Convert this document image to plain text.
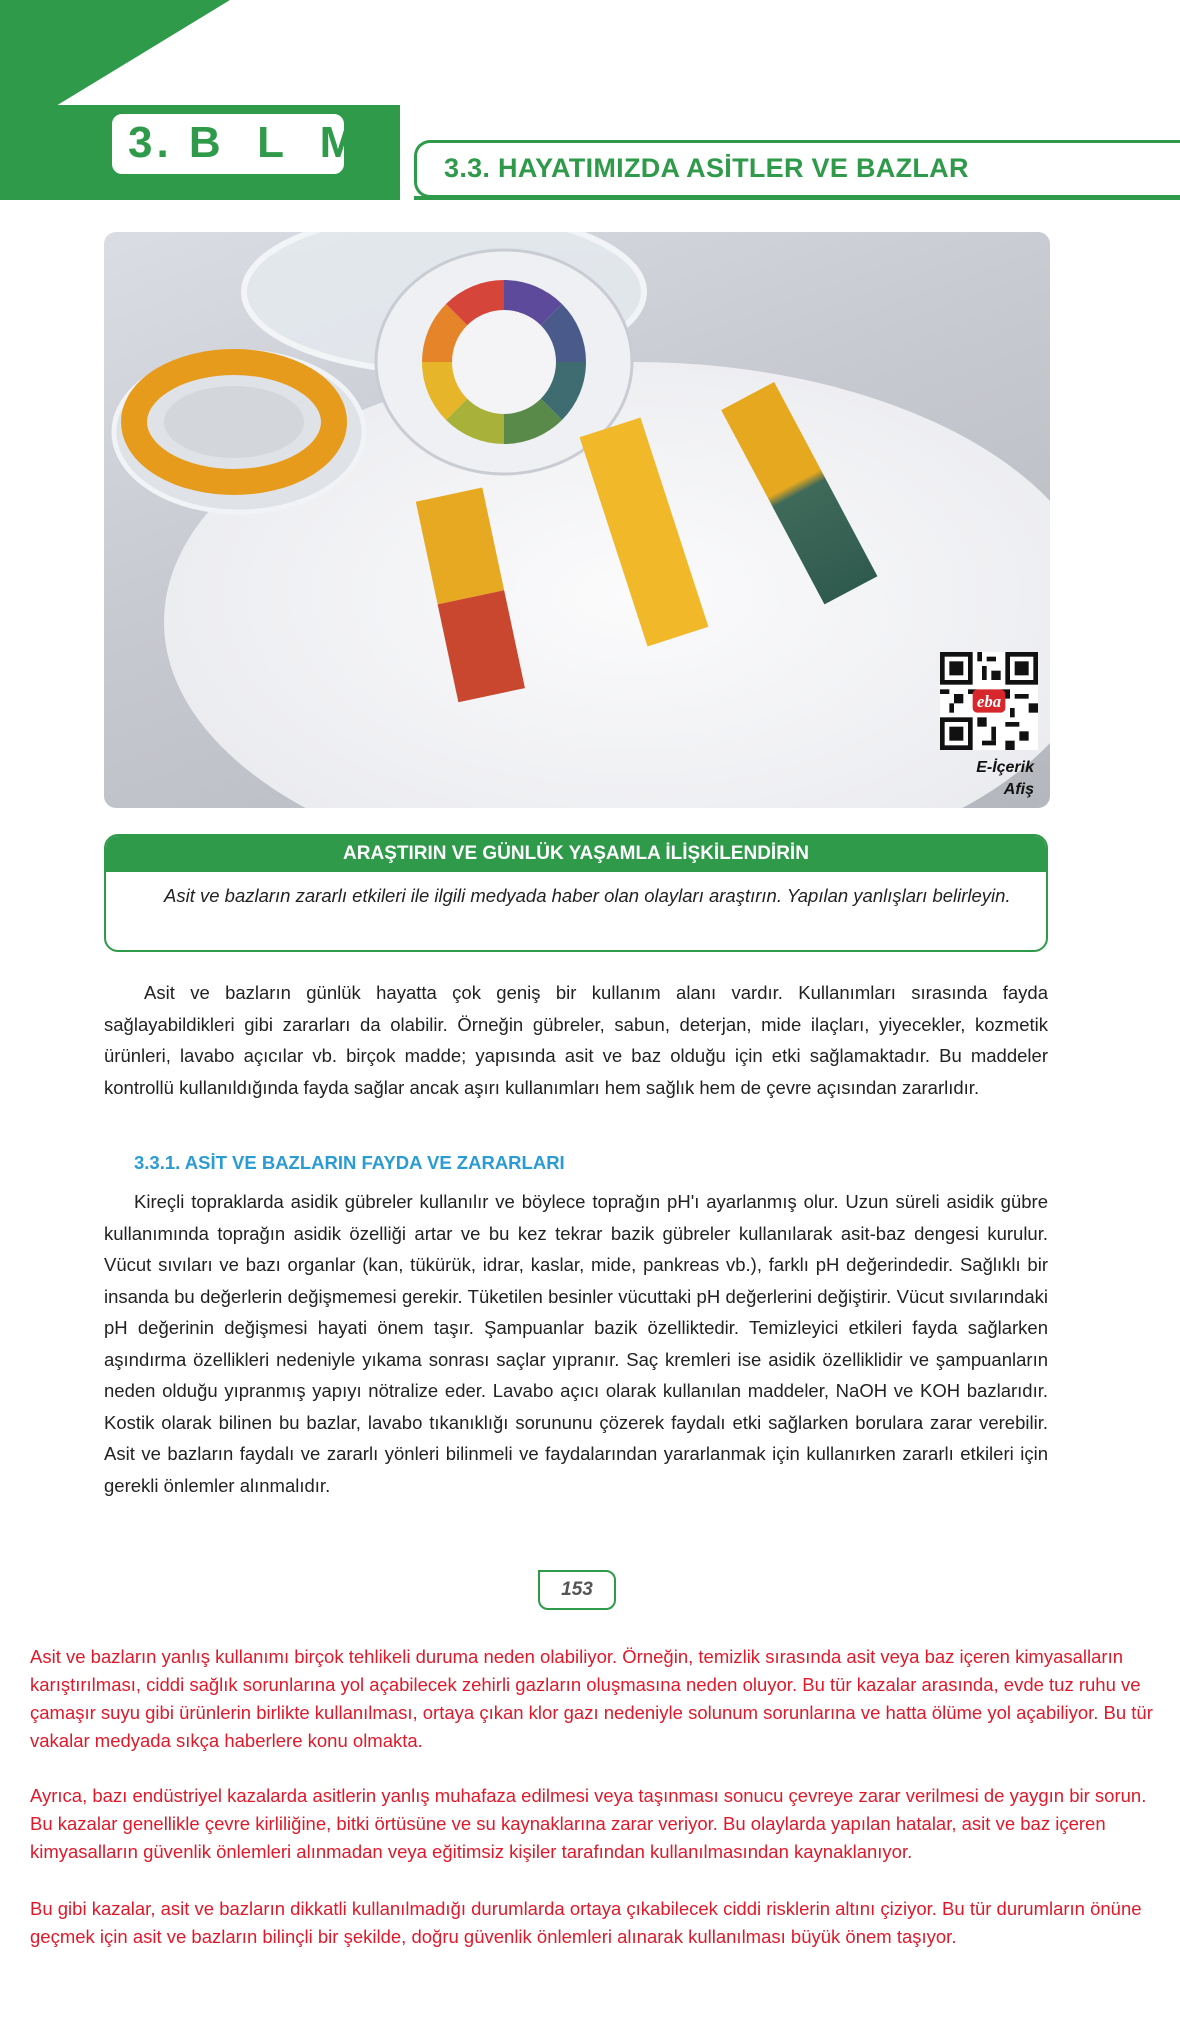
3. B  L  M
3.3. HAYATIMIZDA ASİTLER VE BAZLAR
eba
E-İçerik
Afiş
ARAŞTIRIN VE GÜNLÜK YAŞAMLA İLİŞKİLENDİRİN
Asit ve bazların zararlı etkileri ile ilgili medyada haber olan olayları araştırın. Yapılan yanlışları belirleyin.
Asit ve bazların günlük hayatta çok geniş bir kullanım alanı vardır. Kullanımları sırasında fayda sağlayabildikleri gibi zararları da olabilir. Örneğin gübreler, sabun, deterjan, mide ilaçları, yiyecekler, kozmetik ürünleri, lavabo açıcılar vb. birçok madde; yapısında asit ve baz olduğu için etki sağlamaktadır. Bu maddeler kontrollü kullanıldığında fayda sağlar ancak aşırı kullanımları hem sağlık hem de çevre açısından zararlıdır.
3.3.1. ASİT VE BAZLARIN FAYDA VE ZARARLARI
Kireçli topraklarda asidik gübreler kullanılır ve böylece toprağın pH'ı ayarlanmış olur. Uzun süreli asidik gübre kullanımında toprağın asidik özelliği artar ve bu kez tekrar bazik gübreler kullanılarak asit-baz dengesi kurulur. Vücut sıvıları ve bazı organlar (kan, tükürük, idrar, kaslar, mide, pankreas vb.), farklı pH değerindedir. Sağlıklı bir insanda bu değerlerin değişmemesi gerekir. Tüketilen besinler vücuttaki pH değerlerini değiştirir. Vücut sıvılarındaki pH değerinin değişmesi hayati önem taşır. Şampuanlar bazik özelliktedir. Temizleyici etkileri fayda sağlarken aşındırma özellikleri nedeniyle yıkama sonrası saçlar yıpranır. Saç kremleri ise asidik özelliklidir ve şampuanların neden olduğu yıpranmış yapıyı nötralize eder. Lavabo açıcı olarak kullanılan maddeler, NaOH ve KOH bazlarıdır. Kostik olarak bilinen bu bazlar, lavabo tıkanıklığı sorununu çözerek faydalı etki sağlarken borulara zarar verebilir. Asit ve bazların faydalı ve zararlı yönleri bilinmeli ve faydalarından yararlanmak için kullanırken zararlı etkileri için gerekli önlemler alınmalıdır.
153
Asit ve bazların yanlış kullanımı birçok tehlikeli duruma neden olabiliyor. Örneğin, temizlik sırasında asit veya baz içeren kimyasalların karıştırılması, ciddi sağlık sorunlarına yol açabilecek zehirli gazların oluşmasına neden oluyor. Bu tür kazalar arasında, evde tuz ruhu ve çamaşır suyu gibi ürünlerin birlikte kullanılması, ortaya çıkan klor gazı nedeniyle solunum sorunlarına ve hatta ölüme yol açabiliyor. Bu tür vakalar medyada sıkça haberlere konu olmakta.
Ayrıca, bazı endüstriyel kazalarda asitlerin yanlış muhafaza edilmesi veya taşınması sonucu çevreye zarar verilmesi de yaygın bir sorun. Bu kazalar genellikle çevre kirliliğine, bitki örtüsüne ve su kaynaklarına zarar veriyor. Bu olaylarda yapılan hatalar, asit ve baz içeren kimyasalların güvenlik önlemleri alınmadan veya eğitimsiz kişiler tarafından kullanılmasından kaynaklanıyor.
Bu gibi kazalar, asit ve bazların dikkatli kullanılmadığı durumlarda ortaya çıkabilecek ciddi risklerin altını çiziyor. Bu tür durumların önüne geçmek için asit ve bazların bilinçli bir şekilde, doğru güvenlik önlemleri alınarak kullanılması büyük önem taşıyor.
